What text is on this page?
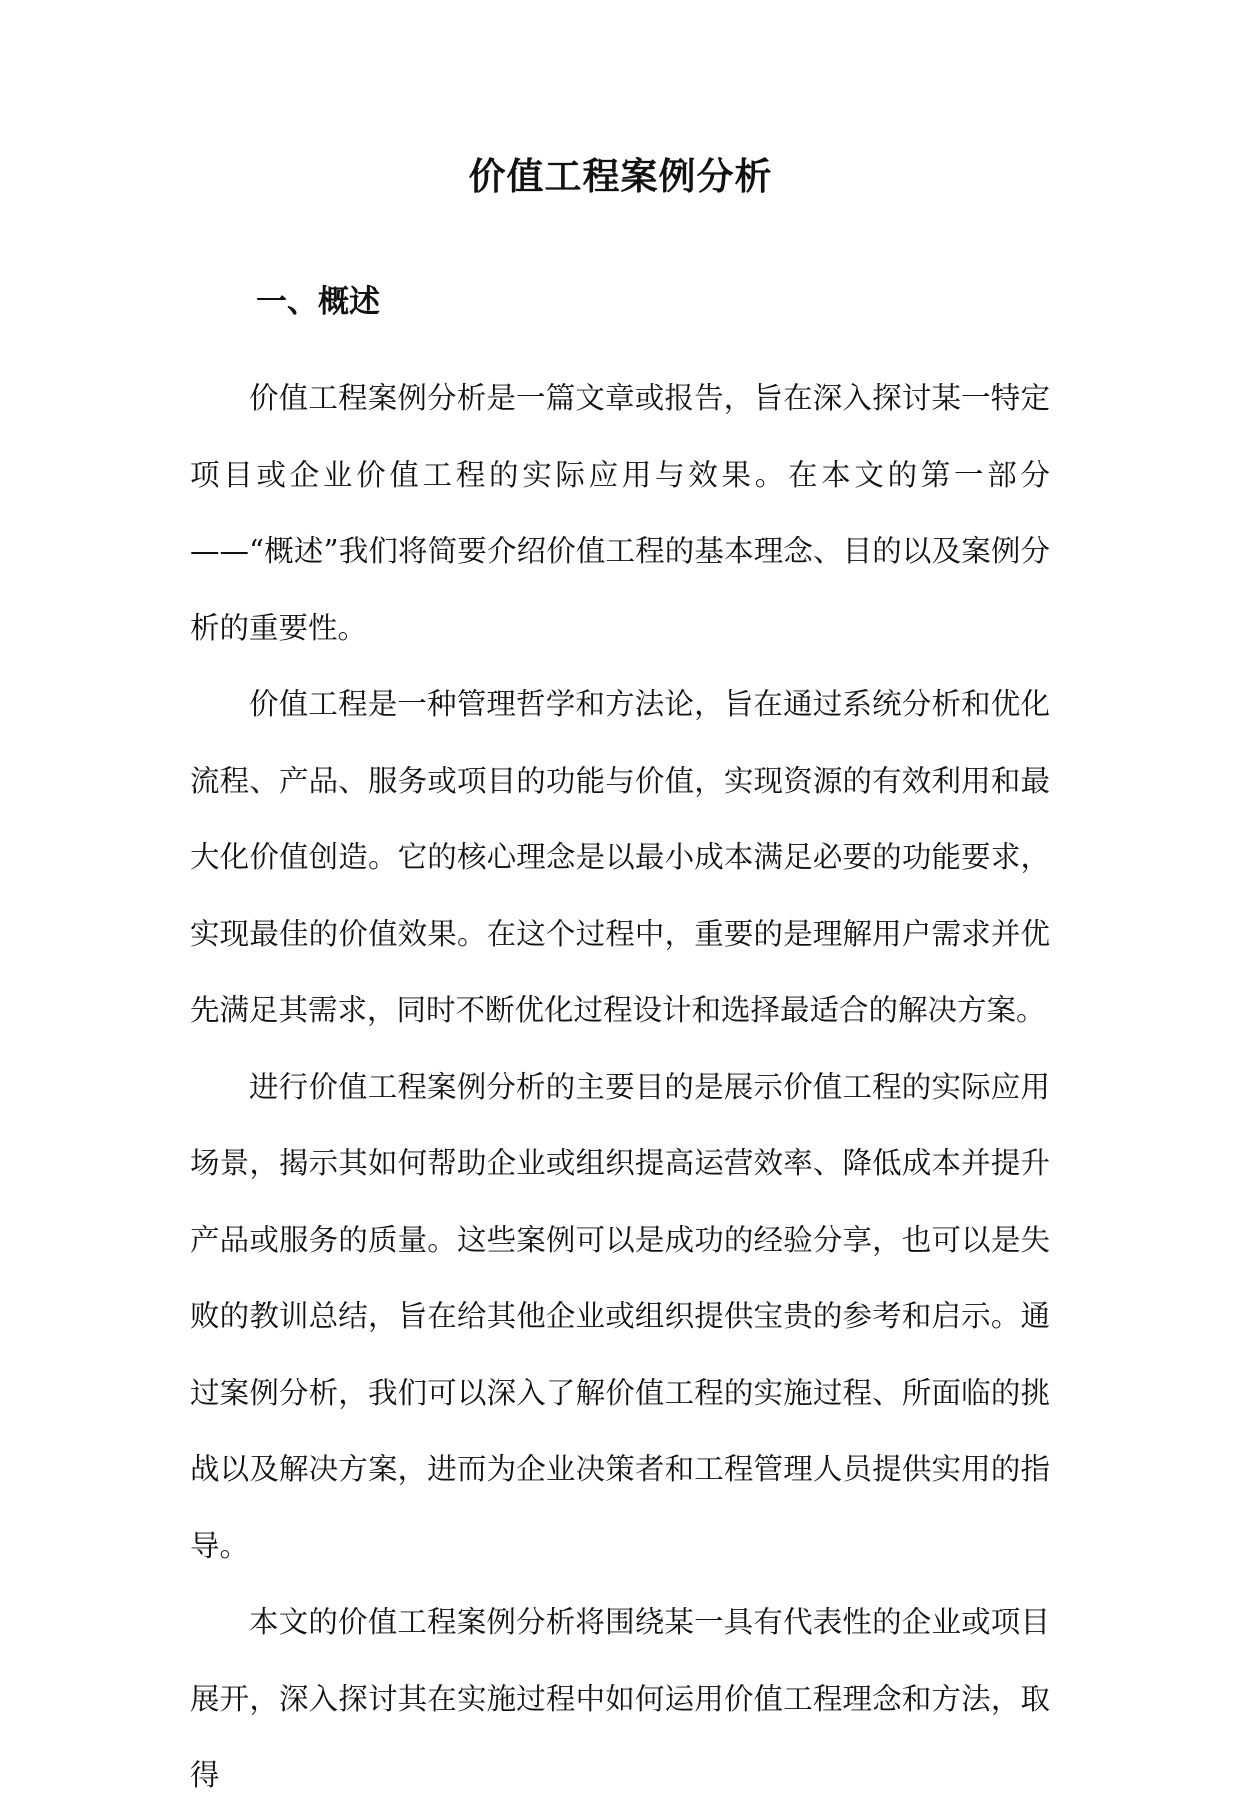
价值工程案例分析
一、概述

价值工程案例分析是一篇文章或报告，旨在深入探讨某一特定项目或企业价值工程的实际应用与效果。在本文的第一部分——“概述”我们将简要介绍价值工程的基本理念、目的以及案例分析的重要性。

价值工程是一种管理哲学和方法论，旨在通过系统分析和优化流程、产品、服务或项目的功能与价值，实现资源的有效利用和最大化价值创造。它的核心理念是以最小成本满足必要的功能要求，实现最佳的价值效果。在这个过程中，重要的是理解用户需求并优先满足其需求，同时不断优化过程设计和选择最适合的解决方案。

进行价值工程案例分析的主要目的是展示价值工程的实际应用场景，揭示其如何帮助企业或组织提高运营效率、降低成本并提升产品或服务的质量。这些案例可以是成功的经验分享，也可以是失败的教训总结，旨在给其他企业或组织提供宝贵的参考和启示。通过案例分析，我们可以深入了解价值工程的实施过程、所面临的挑战以及解决方案，进而为企业决策者和工程管理人员提供实用的指导。

本文的价值工程案例分析将围绕某一具有代表性的企业或项目展开，深入探讨其在实施过程中如何运用价值工程理念和方法，取得
